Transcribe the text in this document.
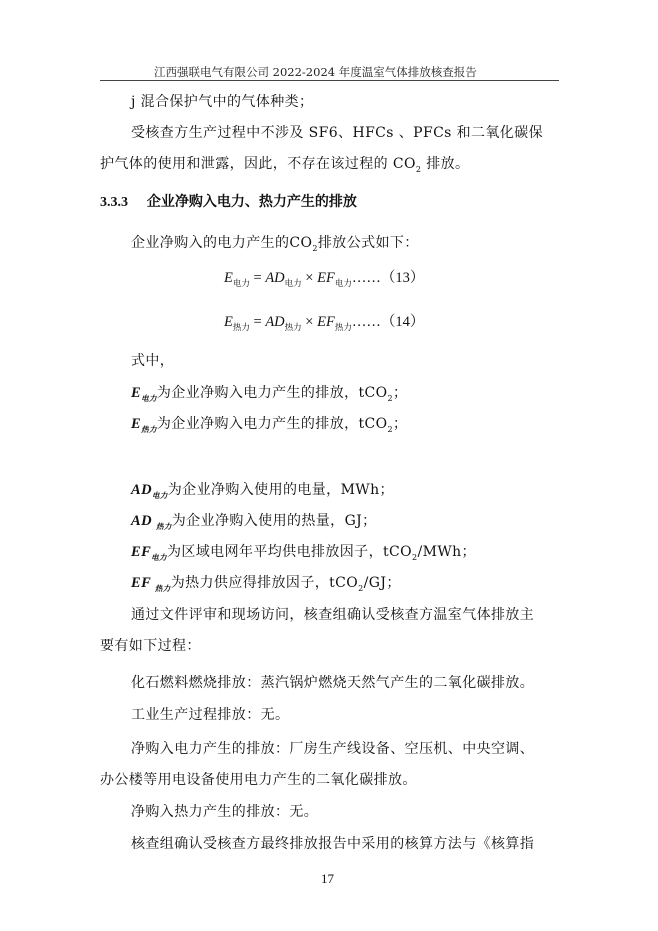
江西强联电气有限公司 2022-2024 年度温室气体排放核查报告
j 混合保护气中的气体种类；
受核查方生产过程中不涉及 SF6、HFCs 、PFCs 和二氧化碳保
护气体的使用和泄露，因此，不存在该过程的 $CO_2$ 排放。
3.3.3 企业净购入电力、热力产生的排放
企业净购入的电力产生的$CO_2$排放公式如下：
$E_{电力} = AD_{电力}$ × $EF_{电力}\dots\dots(13)$
$E_{热力} = AD_{热力}$ × $EF_{热力}\dots\dots(14)$
式中，
$E_{电力}$为企业净购入电力产生的排放，tCO$_2$；
$E_{热力}$为企业净购入电力产生的排放，tCO$_2$；
$AD_{电力}$为企业净购入使用的电量，MWh；
AD $_{热力}$为企业净购入使用的热量，GJ；
$EF_{电力}$为区域电网年平均供电排放因子，tCO$_2$/MWh；
EF $_{热力}$为热力供应得排放因子，tCO$_2$/GJ；
通过文件评审和现场访问，核查组确认受核查方温室气体排放主
要有如下过程：
化石燃料燃烧排放：蒸汽锅炉燃烧天然气产生的二氧化碳排放。
工业生产过程排放：无。
净购入电力产生的排放：厂房生产线设备、空压机、中央空调、
办公楼等用电设备使用电力产生的二氧化碳排放。
净购入热力产生的排放：无。
核查组确认受核查方最终排放报告中采用的核算方法与《核算指
17
